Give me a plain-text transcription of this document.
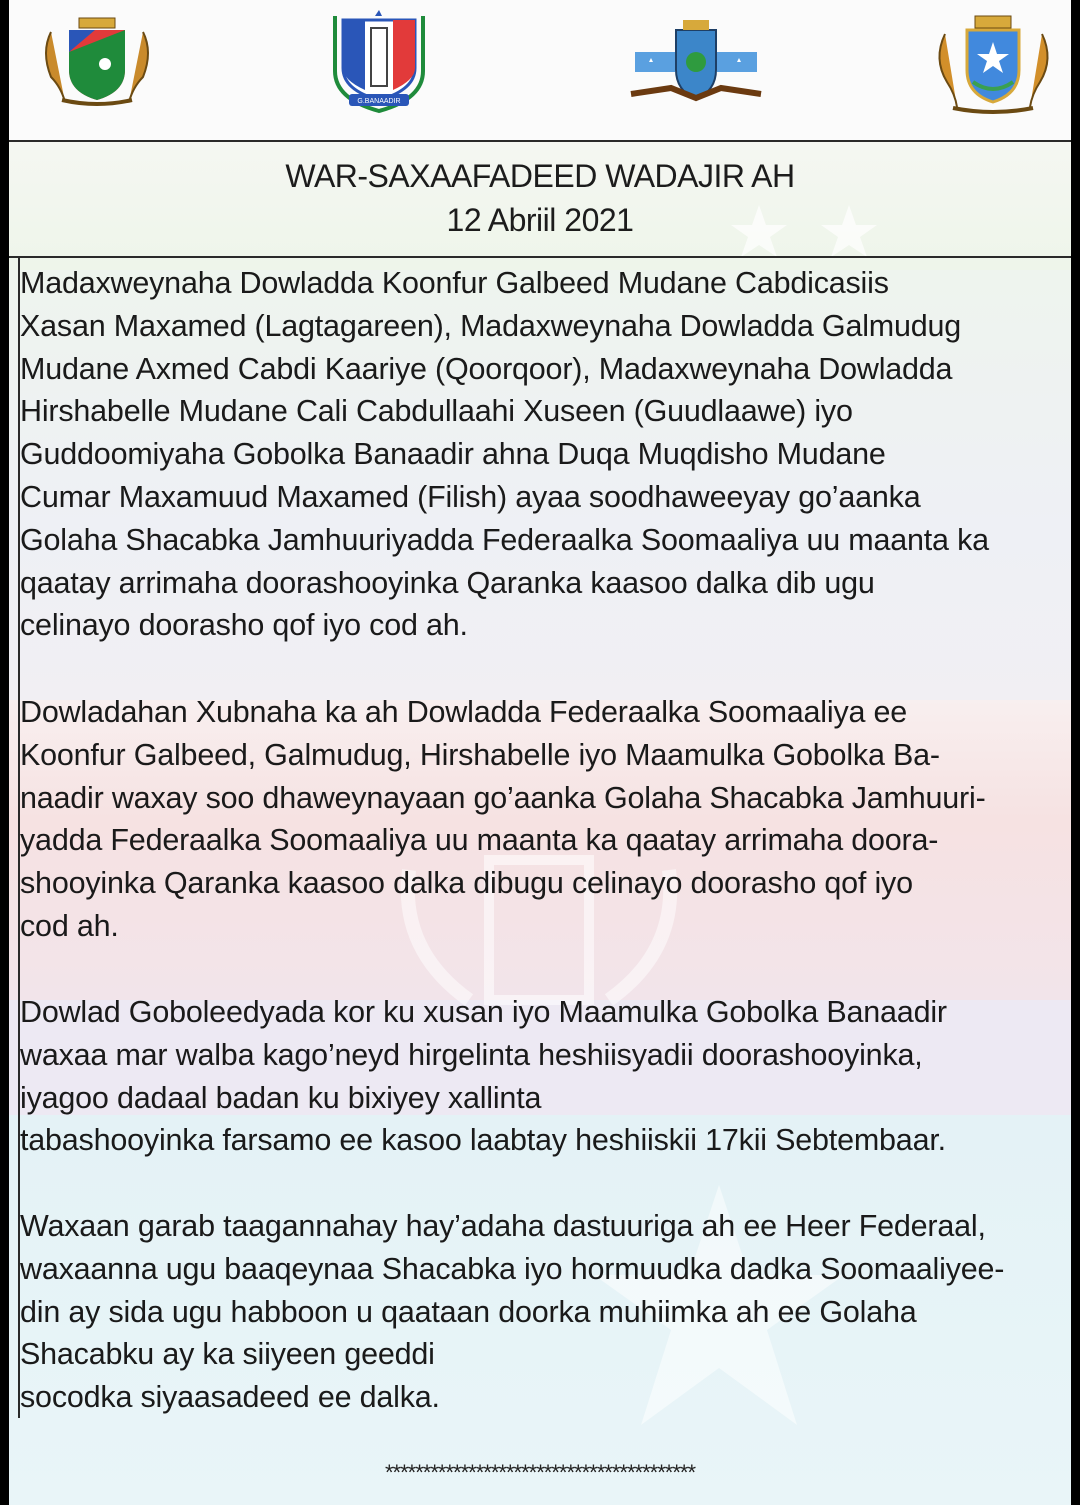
G.BANAADIR
WAR-SAXAAFADEED WADAJIR AH
12 Abriil 2021
Madaxweynaha Dowladda Koonfur Galbeed Mudane Cabdicasiis
Xasan Maxamed (Lagtagareen), Madaxweynaha Dowladda Galmudug
Mudane Axmed Cabdi Kaariye (Qoorqoor), Madaxweynaha Dowladda
Hirshabelle Mudane Cali Cabdullaahi Xuseen (Guudlaawe) iyo
Guddoomiyaha Gobolka Banaadir ahna Duqa Muqdisho Mudane
Cumar Maxamuud Maxamed (Filish) ayaa soodhaweeyay go’aanka
Golaha Shacabka Jamhuuriyadda Federaalka Soomaaliya uu maanta ka
qaatay arrimaha doorashooyinka Qaranka kaasoo dalka dib ugu
celinayo doorasho qof iyo cod ah.
Dowladahan Xubnaha ka ah Dowladda Federaalka Soomaaliya ee
Koonfur Galbeed, Galmudug, Hirshabelle iyo Maamulka Gobolka Ba-
naadir waxay soo dhaweynayaan go’aanka Golaha Shacabka Jamhuuri-
yadda Federaalka Soomaaliya uu maanta ka qaatay arrimaha doora-
shooyinka Qaranka kaasoo dalka dibugu celinayo doorasho qof iyo
cod ah.
Dowlad Goboleedyada kor ku xusan iyo Maamulka Gobolka Banaadir
waxaa mar walba kago’neyd hirgelinta heshiisyadii doorashooyinka,
iyagoo dadaal badan ku bixiyey xallinta
tabashooyinka farsamo ee kasoo laabtay heshiiskii 17kii Sebtembaar.
Waxaan garab taagannahay hay’adaha dastuuriga ah ee Heer Federaal,
waxaanna ugu baaqeynaa Shacabka iyo hormuudka dadka Soomaaliyee-
din ay sida ugu habboon u qaataan doorka muhiimka ah ee Golaha
Shacabku ay ka siiyeen geeddi
socodka siyaasadeed ee dalka.
*****************************************
